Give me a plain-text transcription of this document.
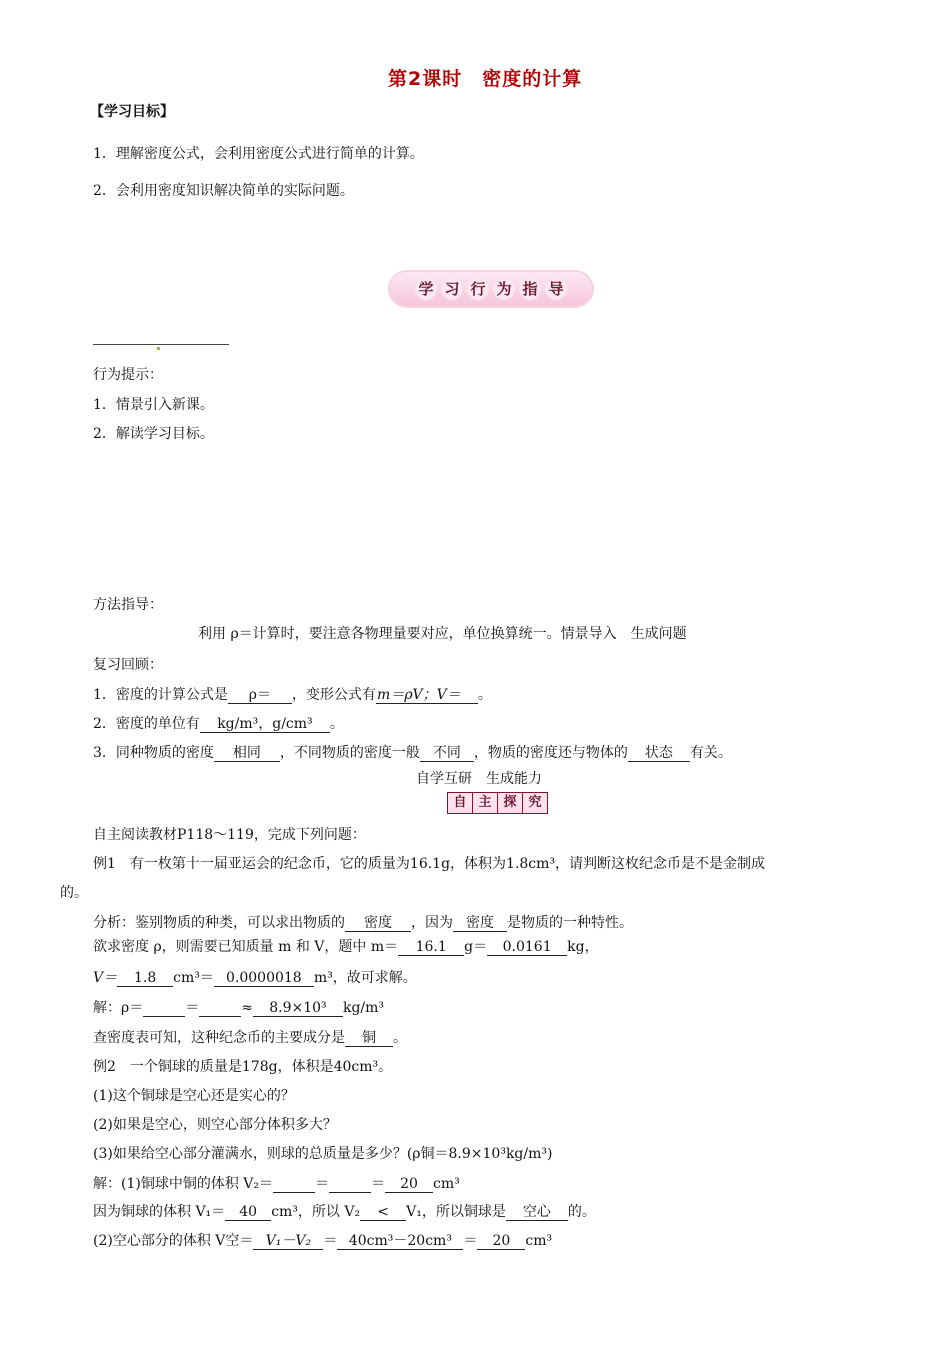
第2课时　密度的计算
【学习目标】
1．理解密度公式，会利用密度公式进行简单的计算。
2．会利用密度知识解决简单的实际问题。
学 习 行 为 指 导
行为提示：
1．情景引入新课。
2．解读学习目标。
方法指导：
利用 ρ＝计算时，要注意各物理量要对应，单位换算统一。情景导入　生成问题
复习回顾：
1．密度的计算公式是 ρ＝ ，变形公式有m＝ρV；V＝ 。
2．密度的单位有 kg/m³，g/cm³ 。
3．同种物质的密度 相同 ，不同物质的密度一般 不同 ，物质的密度还与物体的 状态 有关。
自学互研　生成能力
自 主 探 究
自主阅读教材P118～119，完成下列问题：
例1　有一枚第十一届亚运会的纪念币，它的质量为16.1g，体积为1.8cm³，请判断这枚纪念币是不是金制成
的。
分析：鉴别物质的种类，可以求出物质的 密度 ，因为 密度 是物质的一种特性。
欲求密度 ρ，则需要已知质量 m 和 V，题中 m＝ 16.1 g＝ 0.0161 kg，
V＝ 1.8 cm³＝ 0.0000018 m³，故可求解。
解：ρ＝	＝	≈ 8.9×10³ kg/m³
查密度表可知，这种纪念币的主要成分是 铜 。
例2　一个铜球的质量是178g，体积是40cm³。
(1)这个铜球是空心还是实心的？
(2)如果是空心，则空心部分体积多大？
(3)如果给空心部分灌满水，则球的总质量是多少？(ρ铜＝8.9×10³kg/m³)
解：(1)铜球中铜的体积 V₂＝	＝	＝ 20 cm³
因为铜球的体积 V₁＝ 40 cm³，所以 V₂ < V₁，所以铜球是 空心 的。
(2)空心部分的体积 V空＝ V₁－V₂ ＝ 40cm³－20cm³ ＝ 20 cm³
